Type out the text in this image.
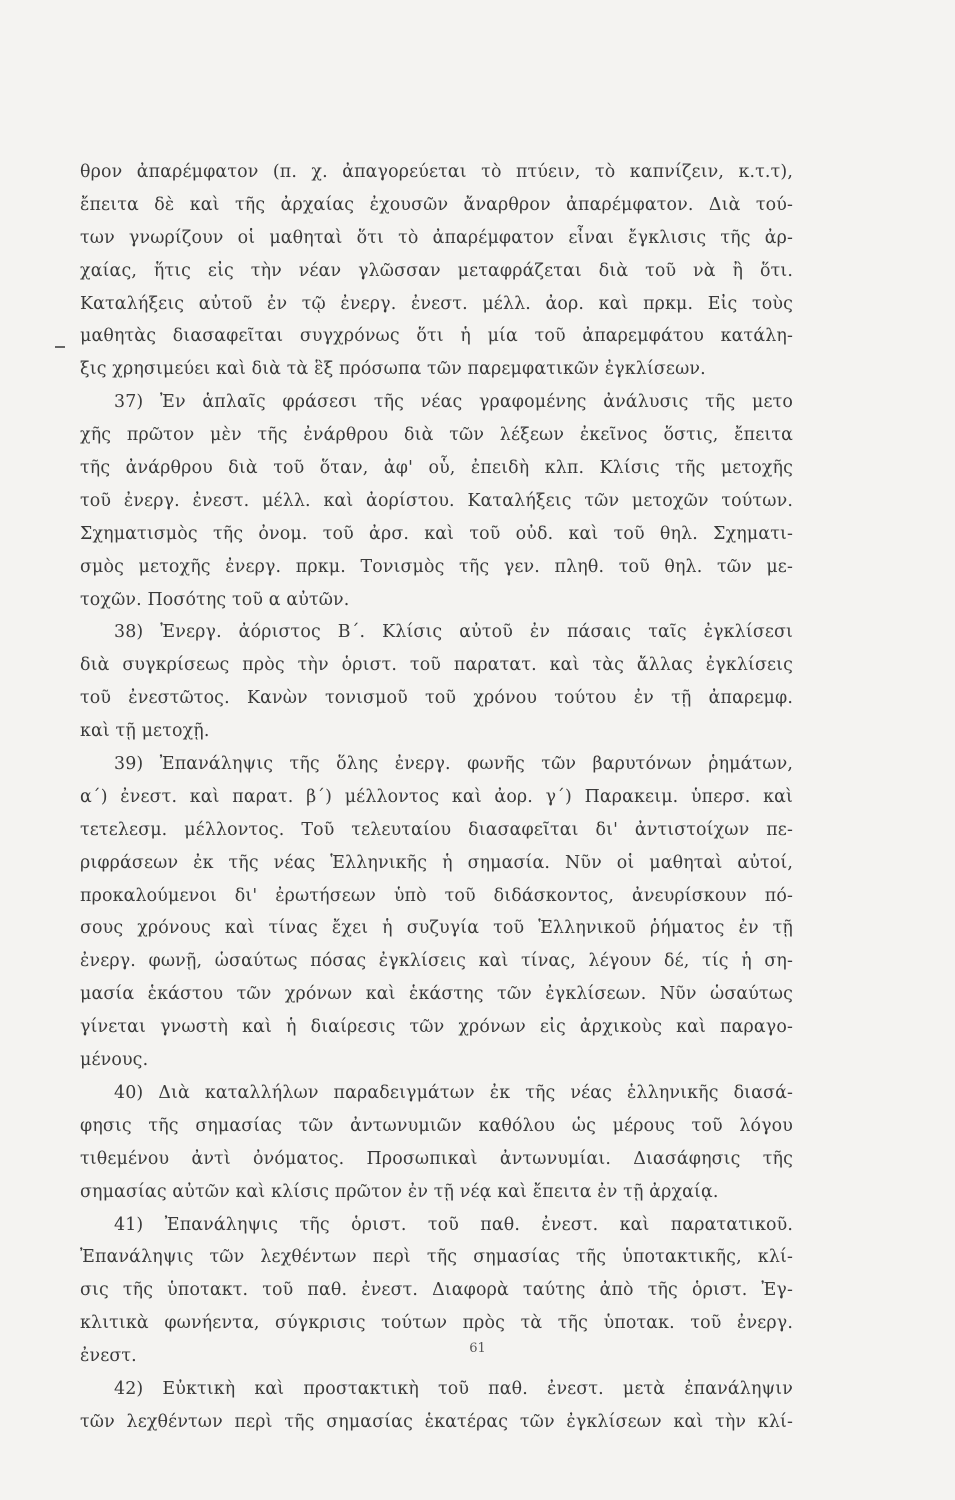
θρον ἀπαρέμφατον (π. χ. ἀπαγορεύεται τὸ πτύειν, τὸ καπνίζειν, κ.τ.τ),
ἔπειτα δὲ καὶ τῆς ἀρχαίας ἐχουσῶν ἄναρθρον ἀπαρέμφατον. Διὰ τού-
των γνωρίζουν οἱ μαθηταὶ ὅτι τὸ ἀπαρέμφατον εἶναι ἔγκλισις τῆς ἀρ-
χαίας, ἥτις εἰς τὴν νέαν γλῶσσαν μεταφράζεται διὰ τοῦ νὰ ἢ ὅτι.
Καταλήξεις αὐτοῦ ἐν τῷ ἐνεργ. ἐνεστ. μέλλ. ἀορ. καὶ πρκμ. Εἰς τοὺς
μαθητὰς διασαφεῖται συγχρόνως ὅτι ἡ μία τοῦ ἀπαρεμφάτου κατάλη-
ξις χρησιμεύει καὶ διὰ τὰ ἓξ πρόσωπα τῶν παρεμφατικῶν ἐγκλίσεων.
37) Ἐν ἁπλαῖς φράσεσι τῆς νέας γραφομένης ἀνάλυσις τῆς μετο
χῆς πρῶτον μὲν τῆς ἐνάρθρου διὰ τῶν λέξεων ἐκεῖνος ὅστις, ἔπειτα
τῆς ἀνάρθρου διὰ τοῦ ὅταν, ἀφ' οὗ, ἐπειδὴ κλπ. Κλίσις τῆς μετοχῆς
τοῦ ἐνεργ. ἐνεστ. μέλλ. καὶ ἀορίστου. Καταλήξεις τῶν μετοχῶν τούτων.
Σχηματισμὸς τῆς ὀνομ. τοῦ ἀρσ. καὶ τοῦ οὐδ. καὶ τοῦ θηλ. Σχηματι-
σμὸς μετοχῆς ἐνεργ. πρκμ. Τονισμὸς τῆς γεν. πληθ. τοῦ θηλ. τῶν με-
τοχῶν. Ποσότης τοῦ α αὐτῶν.
38) Ἐνεργ. ἀόριστος Β΄. Κλίσις αὐτοῦ ἐν πάσαις ταῖς ἐγκλίσεσι
διὰ συγκρίσεως πρὸς τὴν ὁριστ. τοῦ παρατατ. καὶ τὰς ἄλλας ἐγκλίσεις
τοῦ ἐνεστῶτος. Κανὼν τονισμοῦ τοῦ χρόνου τούτου ἐν τῇ ἀπαρεμφ.
καὶ τῇ μετοχῇ.
39) Ἐπανάληψις τῆς ὅλης ἐνεργ. φωνῆς τῶν βαρυτόνων ῥημάτων,
α΄) ἐνεστ. καὶ παρατ. β΄) μέλλοντος καὶ ἀορ. γ΄) Παρακειμ. ὑπερσ. καὶ
τετελεσμ. μέλλοντος. Τοῦ τελευταίου διασαφεῖται δι' ἀντιστοίχων πε-
ριφράσεων ἐκ τῆς νέας Ἑλληνικῆς ἡ σημασία. Νῦν οἱ μαθηταὶ αὐτοί,
προκαλούμενοι δι' ἐρωτήσεων ὑπὸ τοῦ διδάσκοντος, ἀνευρίσκουν πό-
σους χρόνους καὶ τίνας ἔχει ἡ συζυγία τοῦ Ἑλληνικοῦ ῥήματος ἐν τῇ
ἐνεργ. φωνῇ, ὡσαύτως πόσας ἐγκλίσεις καὶ τίνας, λέγουν δέ, τίς ἡ ση-
μασία ἑκάστου τῶν χρόνων καὶ ἑκάστης τῶν ἐγκλίσεων. Νῦν ὡσαύτως
γίνεται γνωστὴ καὶ ἡ διαίρεσις τῶν χρόνων εἰς ἀρχικοὺς καὶ παραγο-
μένους.
40) Διὰ καταλλήλων παραδειγμάτων ἐκ τῆς νέας ἑλληνικῆς διασά-
φησις τῆς σημασίας τῶν ἀντωνυμιῶν καθόλου ὡς μέρους τοῦ λόγου
τιθεμένου ἀντὶ ὀνόματος. Προσωπικαὶ ἀντωνυμίαι. Διασάφησις τῆς
σημασίας αὐτῶν καὶ κλίσις πρῶτον ἐν τῇ νέᾳ καὶ ἔπειτα ἐν τῇ ἀρχαίᾳ.
41) Ἐπανάληψις τῆς ὁριστ. τοῦ παθ. ἐνεστ. καὶ παρατατικοῦ.
Ἐπανάληψις τῶν λεχθέντων περὶ τῆς σημασίας τῆς ὑποτακτικῆς, κλί-
σις τῆς ὑποτακτ. τοῦ παθ. ἐνεστ. Διαφορὰ ταύτης ἀπὸ τῆς ὁριστ. Ἐγ-
κλιτικὰ φωνήεντα, σύγκρισις τούτων πρὸς τὰ τῆς ὑποτακ. τοῦ ἐνεργ.
ἐνεστ.
42) Εὐκτικὴ καὶ προστακτικὴ τοῦ παθ. ἐνεστ. μετὰ ἐπανάληψιν
τῶν λεχθέντων περὶ τῆς σημασίας ἑκατέρας τῶν ἐγκλίσεων καὶ τὴν κλί-
61
